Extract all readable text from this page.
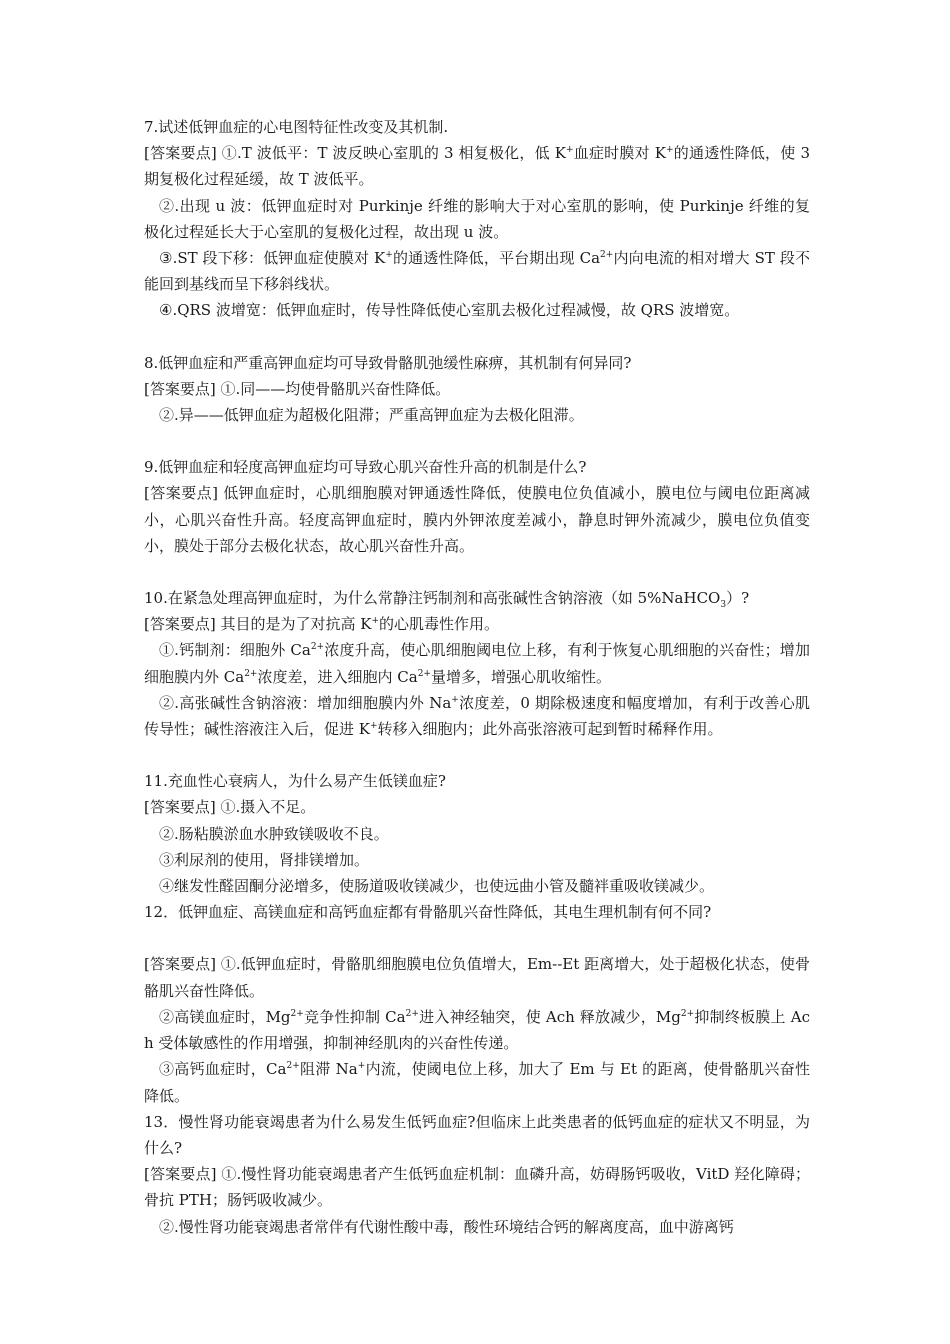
7.试述低钾血症的心电图特征性改变及其机制.

[答案要点] ①.T 波低平：T 波反映心室肌的 3 相复极化，低 K+血症时膜对 K+的通透性降低，使 3 期复极化过程延缓，故 T 波低平。

②.出现 u 波：低钾血症时对 Purkinje 纤维的影响大于对心室肌的影响，使 Purkinje 纤维的复极化过程延长大于心室肌的复极化过程，故出现 u 波。

③.ST 段下移：低钾血症使膜对 K+的通透性降低，平台期出现 $Ca^{2+}$内向电流的相对增大 ST 段不能回到基线而呈下移斜线状。

④.QRS 波增宽：低钾血症时，传导性降低使心室肌去极化过程减慢，故 QRS 波增宽。

8.低钾血症和严重高钾血症均可导致骨骼肌弛缓性麻痹，其机制有何异同?

[答案要点] ①.同——均使骨骼肌兴奋性降低。

②.异——低钾血症为超极化阻滞；严重高钾血症为去极化阻滞。

9.低钾血症和轻度高钾血症均可导致心肌兴奋性升高的机制是什么?

[答案要点] 低钾血症时，心肌细胞膜对钾通透性降低，使膜电位负值减小，膜电位与阈电位距离减小，心肌兴奋性升高。轻度高钾血症时，膜内外钾浓度差减小，静息时钾外流减少，膜电位负值变小，膜处于部分去极化状态，故心肌兴奋性升高。

10.在紧急处理高钾血症时，为什么常静注钙制剂和高张碱性含钠溶液（如 5%NaHCO$_3$）?

[答案要点] 其目的是为了对抗高 K+的心肌毒性作用。

①.钙制剂：细胞外 $Ca^{2+}$浓度升高，使心肌细胞阈电位上移，有利于恢复心肌细胞的兴奋性；增加细胞膜内外 $Ca^{2+}$浓度差，进入细胞内 $Ca^{2+}$量增多，增强心肌收缩性。

②.高张碱性含钠溶液：增加细胞膜内外 Na+浓度差，0 期除极速度和幅度增加，有利于改善心肌传导性；碱性溶液注入后，促进 K+转移入细胞内；此外高张溶液可起到暂时稀释作用。

11.充血性心衰病人，为什么易产生低镁血症?

[答案要点] ①.摄入不足。

②.肠粘膜淤血水肿致镁吸收不良。

③利尿剂的使用，肾排镁增加。

④继发性醛固酮分泌增多，使肠道吸收镁减少，也使远曲小管及髓袢重吸收镁减少。

12．低钾血症、高镁血症和高钙血症都有骨骼肌兴奋性降低，其电生理机制有何不同?

[答案要点] ①.低钾血症时，骨骼肌细胞膜电位负值增大，Em--Et 距离增大，处于超极化状态，使骨骼肌兴奋性降低。

②高镁血症时，$Mg^{2+}$竞争性抑制 $Ca^{2+}$进入神经轴突，使 Ach 释放减少，$Mg^{2+}$抑制终板膜上 Ach 受体敏感性的作用增强，抑制神经肌肉的兴奋性传递。

③高钙血症时，$Ca^{2+}$阻滞 Na+内流，使阈电位上移，加大了 Em 与 Et 的距离，使骨骼肌兴奋性降低。

13．慢性肾功能衰竭患者为什么易发生低钙血症?但临床上此类患者的低钙血症的症状又不明显，为什么?

[答案要点] ①.慢性肾功能衰竭患者产生低钙血症机制：血磷升高，妨碍肠钙吸收，VitD 羟化障碍；骨抗 PTH；肠钙吸收减少。

②.慢性肾功能衰竭患者常伴有代谢性酸中毒，酸性环境结合钙的解离度高，血中游离钙
